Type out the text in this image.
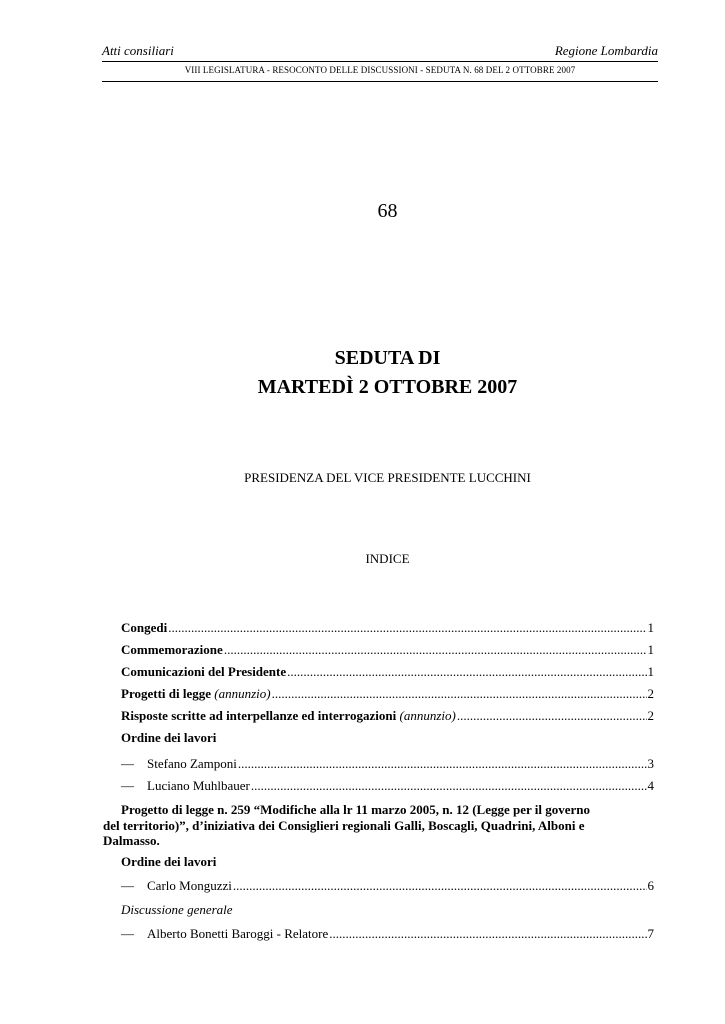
Atti consiliari	Regione Lombardia
VIII LEGISLATURA - RESOCONTO DELLE DISCUSSIONI - SEDUTA N. 68 DEL 2 OTTOBRE 2007
68
SEDUTA DI
MARTEDÌ 2 OTTOBRE 2007
PRESIDENZA DEL VICE PRESIDENTE LUCCHINI
INDICE
Congedi .....	1
Commemorazione .....	1
Comunicazioni del Presidente .....	1
Progetti di legge (annunzio) .....	2
Risposte scritte ad interpellanze ed interrogazioni (annunzio) .....	2
Ordine dei lavori
— Stefano Zamponi .....	3
— Luciano Muhlbauer .....	4
Progetto di legge n. 259 “Modifiche alla lr 11 marzo 2005, n. 12 (Legge per il governo
del territorio)”, d’iniziativa dei Consiglieri regionali Galli, Boscagli, Quadrini, Alboni e
Dalmasso.
Ordine dei lavori
— Carlo Monguzzi .....	6
Discussione generale
— Alberto Bonetti Baroggi - Relatore .....	7
